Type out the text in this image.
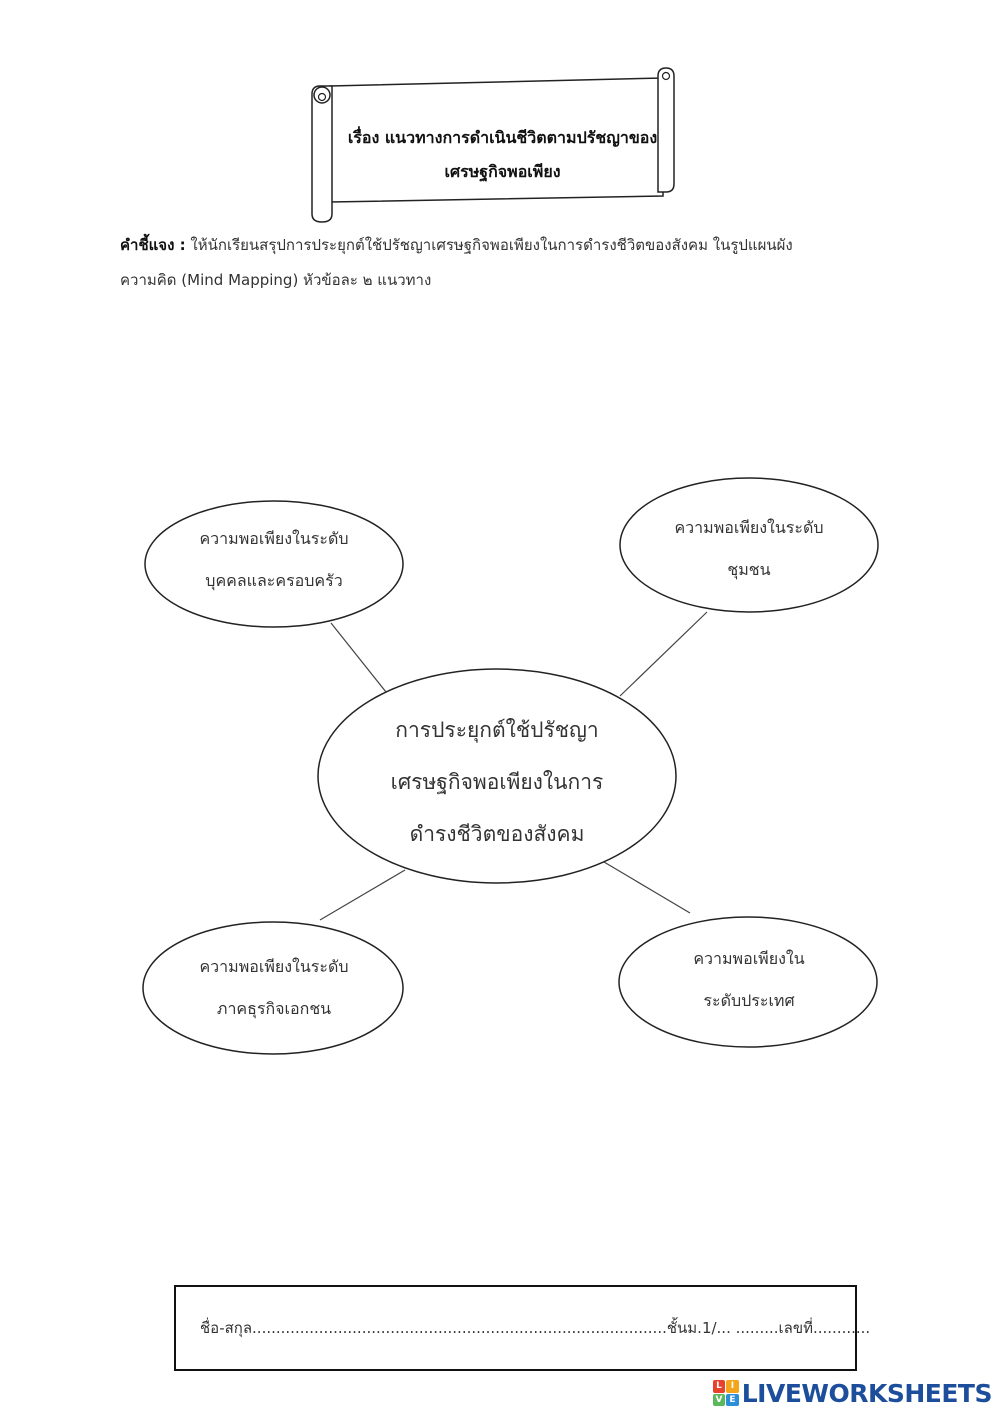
เรื่อง แนวทางการดำเนินชีวิตตามปรัชญาของ
เศรษฐกิจพอเพียง
คำชี้แจง : ให้นักเรียนสรุปการประยุกต์ใช้ปรัชญาเศรษฐกิจพอเพียงในการดำรงชีวิตของสังคม ในรูปแผนผัง
ความคิด (Mind Mapping) หัวข้อละ ๒ แนวทาง
ความพอเพียงในระดับ
บุคคลและครอบครัว
ความพอเพียงในระดับ
ชุมชน
การประยุกต์ใช้ปรัชญา
เศรษฐกิจพอเพียงในการ
ดำรงชีวิตของสังคม
ความพอเพียงในระดับ
ภาคธุรกิจเอกชน
ความพอเพียงใน
ระดับประเทศ
ชื่อ-สกุล.......................................................................................ชั้นม.1/... .........เลขที่............
L I
V E LIVEWORKSHEETS
